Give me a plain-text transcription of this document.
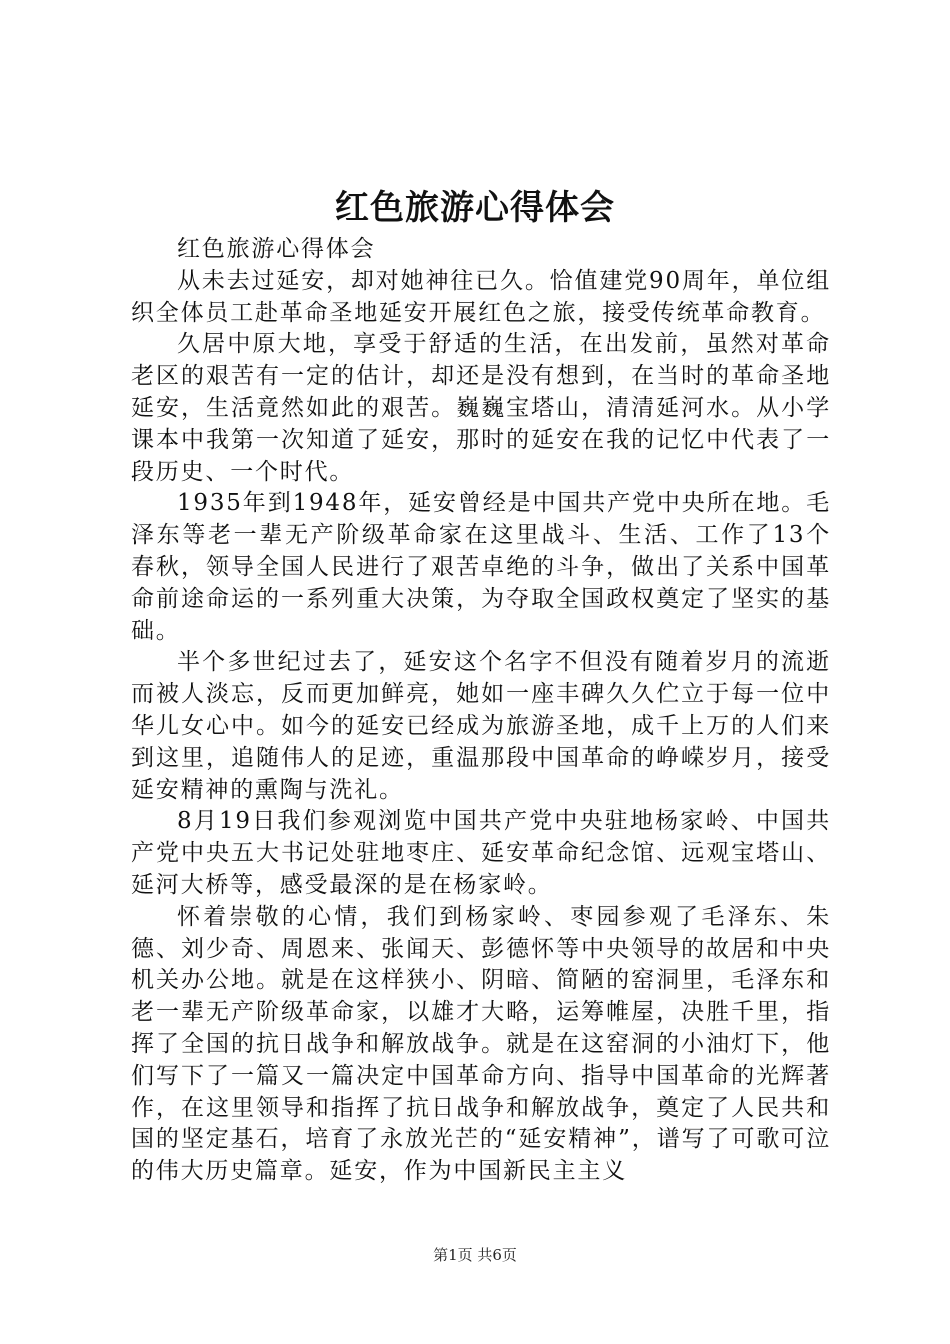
红色旅游心得体会

红色旅游心得体会

从未去过延安，却对她神往已久。恰值建党90周年，单位组织全体员工赴革命圣地延安开展红色之旅，接受传统革命教育。

久居中原大地，享受于舒适的生活，在出发前，虽然对革命老区的艰苦有一定的估计，却还是没有想到，在当时的革命圣地延安，生活竟然如此的艰苦。巍巍宝塔山，清清延河水。从小学课本中我第一次知道了延安，那时的延安在我的记忆中代表了一段历史、一个时代。

1935年到1948年，延安曾经是中国共产党中央所在地。毛泽东等老一辈无产阶级革命家在这里战斗、生活、工作了13个春秋，领导全国人民进行了艰苦卓绝的斗争，做出了关系中国革命前途命运的一系列重大决策，为夺取全国政权奠定了坚实的基础。

半个多世纪过去了，延安这个名字不但没有随着岁月的流逝而被人淡忘，反而更加鲜亮，她如一座丰碑久久伫立于每一位中华儿女心中。如今的延安已经成为旅游圣地，成千上万的人们来到这里，追随伟人的足迹，重温那段中国革命的峥嵘岁月，接受延安精神的熏陶与洗礼。

8月19日我们参观浏览中国共产党中央驻地杨家岭、中国共产党中央五大书记处驻地枣庄、延安革命纪念馆、远观宝塔山、延河大桥等，感受最深的是在杨家岭。

怀着崇敬的心情，我们到杨家岭、枣园参观了毛泽东、朱德、刘少奇、周恩来、张闻天、彭德怀等中央领导的故居和中央机关办公地。就是在这样狭小、阴暗、简陋的窑洞里，毛泽东和老一辈无产阶级革命家，以雄才大略，运筹帷屋，决胜千里，指挥了全国的抗日战争和解放战争。就是在这窑洞的小油灯下，他们写下了一篇又一篇决定中国革命方向、指导中国革命的光辉著作，在这里领导和指挥了抗日战争和解放战争，奠定了人民共和国的坚定基石，培育了永放光芒的“延安精神”，谱写了可歌可泣的伟大历史篇章。延安，作为中国新民主主义

第1页 共6页
